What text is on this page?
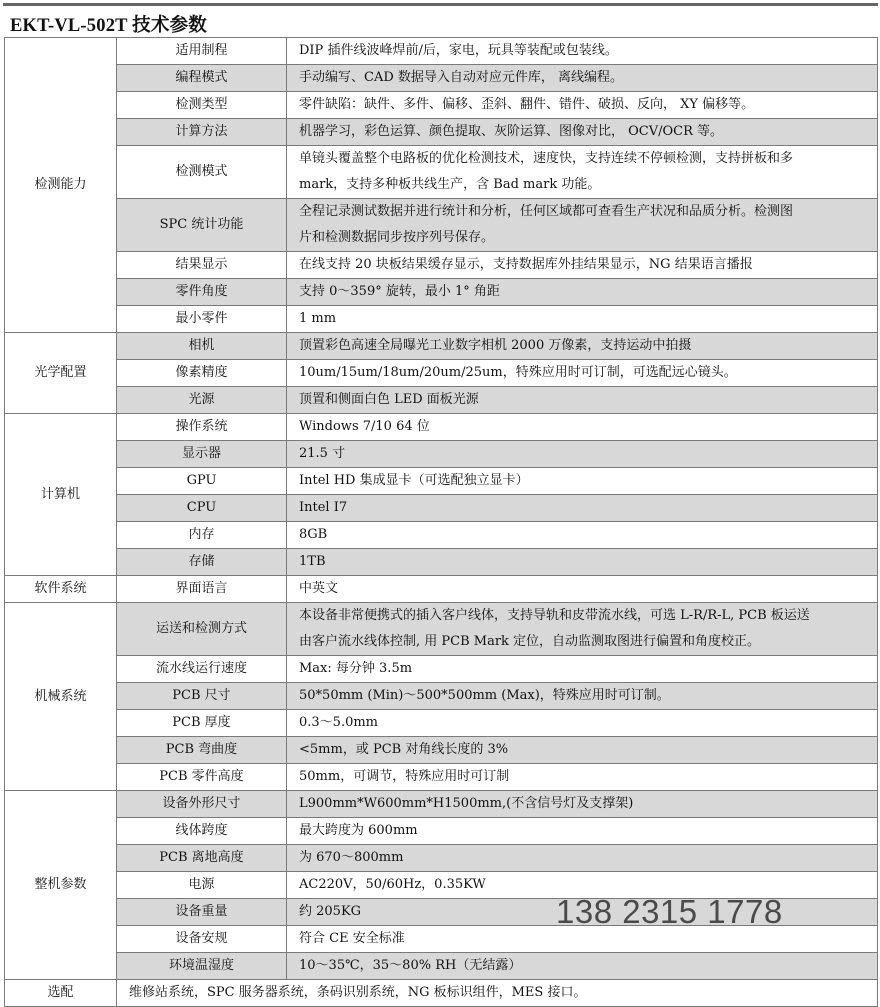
EKT-VL-502T 技术参数
检测能力	适用制程	DIP 插件线波峰焊前/后，家电，玩具等装配或包装线。
	编程模式	手动编写、CAD 数据导入自动对应元件库， 离线编程。
	检测类型	零件缺陷：缺件、多件、偏移、歪斜、翻件、错件、破损、反向， XY 偏移等。
	计算方法	机器学习，彩色运算、颜色提取、灰阶运算、图像对比， OCV/OCR 等。
	检测模式	单镜头覆盖整个电路板的优化检测技术，速度快，支持连续不停顿检测，支持拼板和多
mark，支持多种板共线生产，含 Bad mark 功能。

	SPC 统计功能	全程记录测试数据并进行统计和分析，任何区域都可查看生产状况和品质分析。检测图
片和检测数据同步按序列号保存。

	结果显示	在线支持 20 块板结果缓存显示，支持数据库外挂结果显示，NG 结果语言播报
	零件角度	支持 0～359° 旋转，最小 1° 角距
	最小零件	1 mm
光学配置	相机	顶置彩色高速全局曝光工业数字相机 2000 万像素，支持运动中拍摄
	像素精度	10um/15um/18um/20um/25um，特殊应用时可订制，可选配远心镜头。
	光源	顶置和侧面白色 LED 面板光源
计算机	操作系统	Windows 7/10 64 位
	显示器	21.5 寸
	GPU	Intel HD 集成显卡（可选配独立显卡）
	CPU	Intel I7
	内存	8GB
	存储	1TB
软件系统	界面语言	中英文
机械系统	运送和检测方式	本设备非常便携式的插入客户线体，支持导轨和皮带流水线，可选 L-R/R-L, PCB 板运送
由客户流水线体控制, 用 PCB Mark 定位，自动监测取图进行偏置和角度校正。

	流水线运行速度	Max: 每分钟 3.5m
	PCB 尺寸	50*50mm (Min)～500*500mm (Max)，特殊应用时可订制。
	PCB 厚度	0.3～5.0mm
	PCB 弯曲度	<5mm，或 PCB 对角线长度的 3%
	PCB 零件高度	50mm，可调节，特殊应用时可订制
整机参数	设备外形尺寸	L900mm*W600mm*H1500mm,(不含信号灯及支撑架)
	线体跨度	最大跨度为 600mm
	PCB 离地高度	为 670～800mm
	电源	AC220V，50/60Hz，0.35KW
	设备重量	约 205KG
	设备安规	符合 CE 安全标准
	环境温湿度	10～35℃，35～80% RH（无结露）
选配	维修站系统，SPC 服务器系统，条码识别系统，NG 板标识组件，MES 接口。	
138 2315 1778
